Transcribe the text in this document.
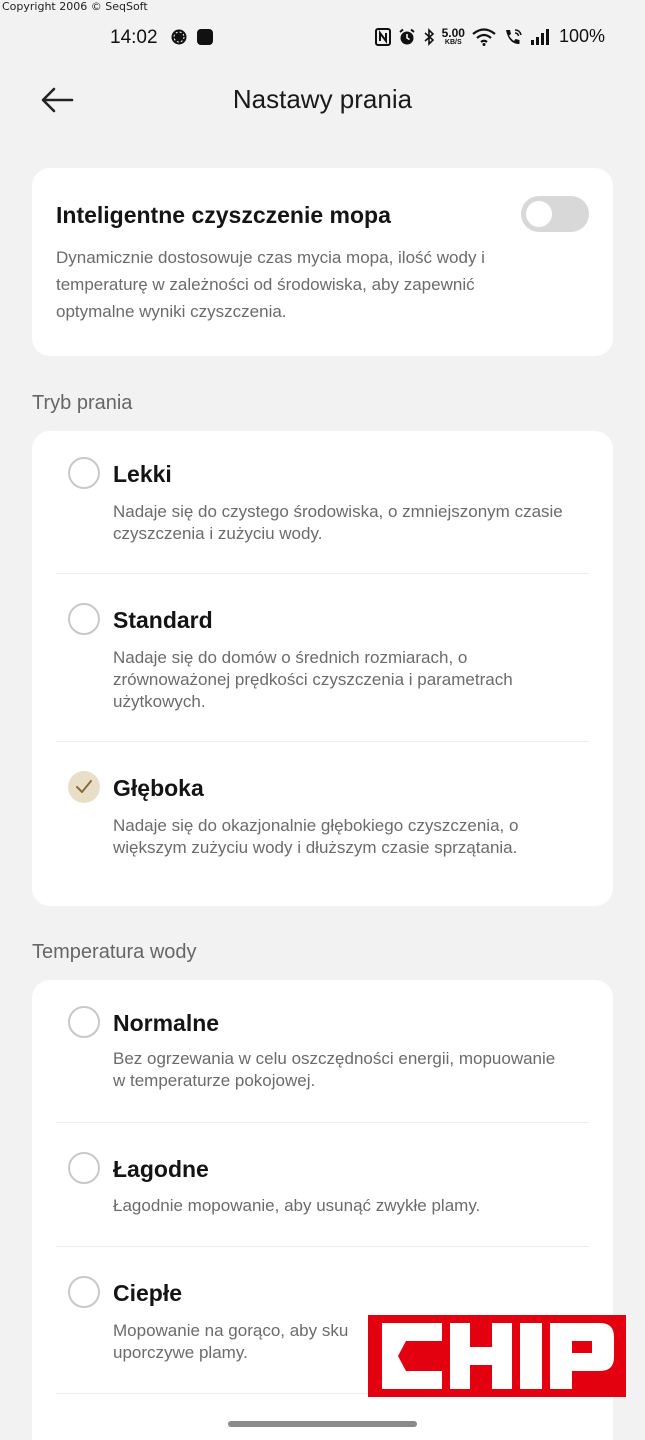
Copyright 2006 © SeqSoft
14:02	5.00
KB/S	100%
Nastawy prania
Inteligentne czyszczenie mopa
Dynamicznie dostosowuje czas mycia mopa, ilość wody i temperaturę w zależności od środowiska, aby zapewnić optymalne wyniki czyszczenia.
Tryb prania
Lekki
Nadaje się do czystego środowiska, o zmniejszonym czasie czyszczenia i zużyciu wody.
Standard
Nadaje się do domów o średnich rozmiarach, o zrównoważonej prędkości czyszczenia i parametrach użytkowych.
Głęboka
Nadaje się do okazjonalnie głębokiego czyszczenia, o większym zużyciu wody i dłuższym czasie sprzątania.
Temperatura wody
Normalne
Bez ogrzewania w celu oszczędności energii, mopuowanie w temperaturze pokojowej.
Łagodne
Łagodnie mopowanie, aby usunąć zwykłe plamy.
Ciepłe
Mopowanie na gorąco, aby sku
uporczywe plamy.
